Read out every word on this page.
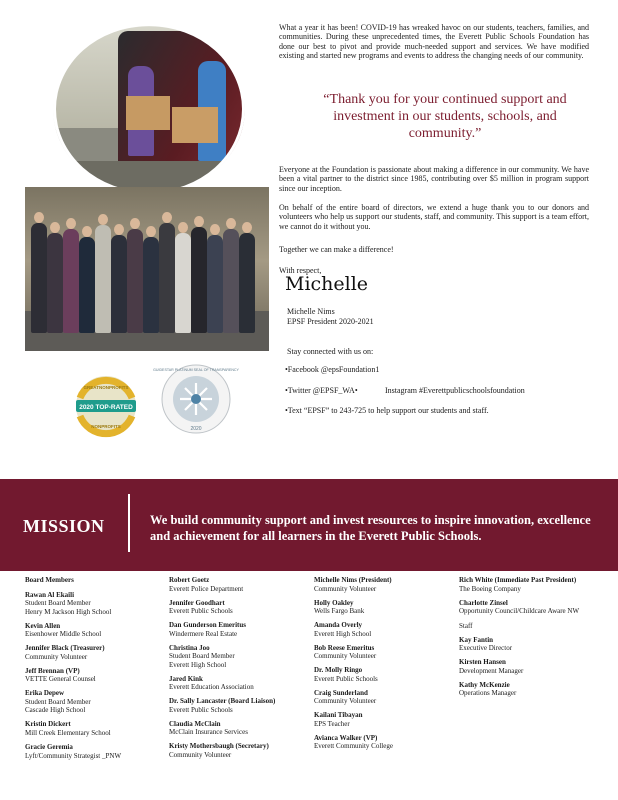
2020 TOP-RATED
GREATNONPROFITS
NONPROFITS
GUIDESTAR PLATINUM SEAL OF TRANSPARENCY
2020
What a year it has been! COVID-19 has wreaked havoc on our students, teachers, families, and communities. During these unprecedented times, the Everett Public Schools Foundation has done our best to pivot and provide much-needed support and services. We have modified existing and started new programs and events to address the changing needs of our community.
“Thank you for your continued support and investment in our students, schools, and community.”
Everyone at the Foundation is passionate about making a difference in our community. We have been a vital partner to the district since 1985, contributing over $5 million in program support since our inception.
On behalf of the entire board of directors, we extend a huge thank you to our donors and volunteers who help us support our students, staff, and community. This support is a team effort, we cannot do it without you.
Together we can make a difference!
With respect,
Michelle
Michelle Nims
EPSF President 2020-2021
Stay connected with us on:
•Facebook @epsFoundation1
•Twitter @EPSF_WA•	Instagram #Everettpublicschoolsfoundation
•Text “EPSF” to 243-725 to help support our students and staff.
MISSION	We build community support and invest resources to inspire innovation, excellence and achievement for all learners in the Everett Public Schools.
Board Members
Rawan Al Ekaili
Student Board Member
Henry M Jackson High School
Kevin Allen
Eisenhower Middle School
Jennifer Black (Treasurer)
Community Volunteer
Jeff Brennan (VP)
VETTE General Counsel
Erika Depew
Student Board Member
Cascade High School
Kristin Dickert
Mill Creek Elementary School
Gracie Geremia
Lyft/Community Strategist _PNW
Robert Goetz
Everett Police Department
Jennifer Goodhart
Everett Public Schools
Dan Gunderson Emeritus
Windermere Real Estate
Christina Joo
Student Board Member
Everett High School
Jared Kink
Everett Education Association
Dr. Sally Lancaster (Board Liaison)
Everett Public Schools
Claudia McClain
McClain Insurance Services
Kristy Mothersbaugh (Secretary)
Community Volunteer
Michelle Nims (President)
Community Volunteer
Holly Oakley
Wells Fargo Bank
Amanda Overly
Everett High School
Bob Reese Emeritus
Community Volunteer
Dr. Molly Ringo
Everett Public Schools
Craig Sunderland
Community Volunteer
Kailani Tibayan
EPS Teacher
Avianca Walker (VP)
Everett Community College
Rich White (Immediate Past President)
The Boeing Company
Charlotte Zinsel
Opportunity Council/Childcare Aware NW
Staff
Kay Fantin
Executive Director
Kirsten Hansen
Development Manager
Kathy McKenzie
Operations Manager
